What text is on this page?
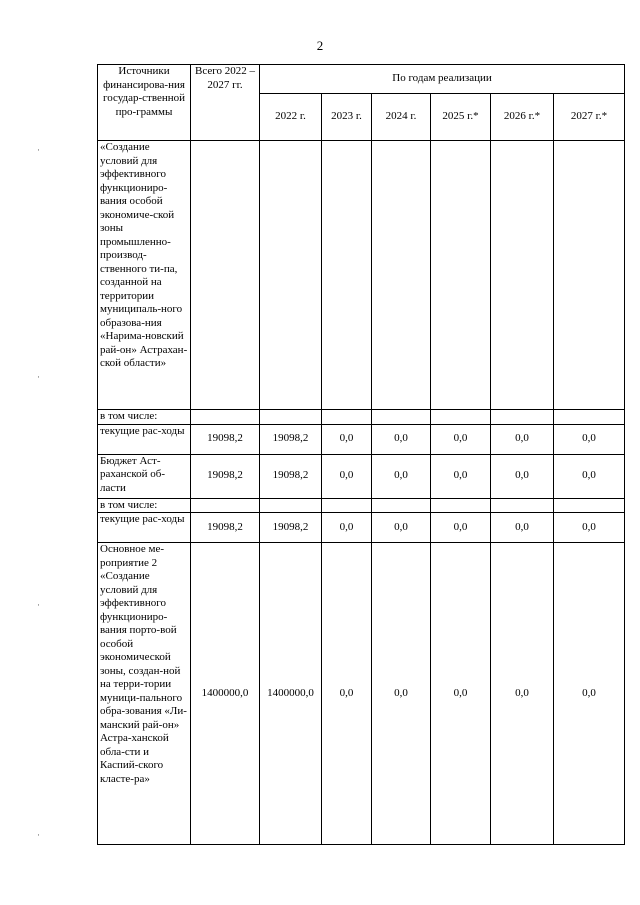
2
Источники финансирова-ния государ-ственной про-граммы	Всего 2022 – 2027 гг.	По годам реализации					
		2022 г.	2023 г.	2024 г.	2025 г.*	2026 г.*	2027 г.*
«Создание условий для эффективного функциониро-вания особой экономиче-ской зоны промышленно-производ-ственного ти-па, созданной на территории муниципаль-ного образова-ния «Нарима-новский рай-он» Астрахан-ской области»							
в том числе:							
текущие рас-ходы	19098,2	19098,2	0,0	0,0	0,0	0,0	0,0
Бюджет Аст-раханской об-ласти	19098,2	19098,2	0,0	0,0	0,0	0,0	0,0
в том числе:							
текущие рас-ходы	19098,2	19098,2	0,0	0,0	0,0	0,0	0,0
Основное ме-роприятие 2 «Создание условий для эффективного функциониро-вания порто-вой особой экономической зоны, создан-ной на терри-тории муници-пального обра-зования «Ли-манский рай-он» Астра-ханской обла-сти и Каспий-ского класте-ра»	1400000,0	1400000,0	0,0	0,0	0,0	0,0	0,0
·
·
·
·
